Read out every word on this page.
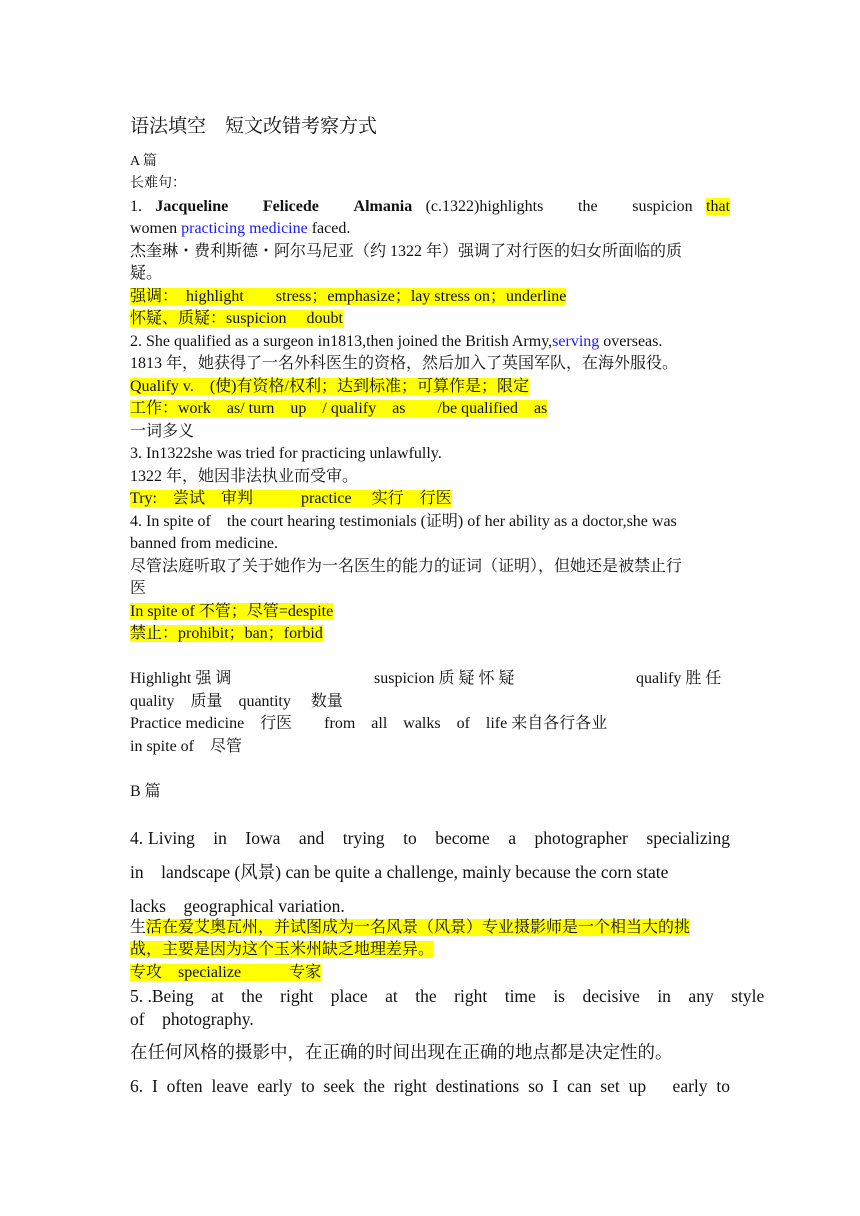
语法填空　短文改错考察方式
A 篇
长难句：
1. Jacqueline　Felicede　Almania (c.1322)highlights　the　suspicion that
women practicing medicine faced.
杰奎琳・费利斯德・阿尔马尼亚（约 1322 年）强调了对行医的妇女所面临的质
疑。
强调：　highlight　　stress；emphasize；lay stress on；underline
怀疑、质疑：suspicion　 doubt
2. She qualified as a surgeon in1813,then joined the British Army,serving overseas.
1813 年，她获得了一名外科医生的资格，然后加入了英国军队，在海外服役。
Qualify v.　(使)有资格/权利；达到标准；可算作是；限定
工作：work　as/ turn　up　/ qualify　as　　/be qualified　as
一词多义
3. In1322she was tried for practicing unlawfully.
1322 年，她因非法执业而受审。
Try:　尝试　审判　　　practice　 实行　行医
4. In spite of　the court hearing testimonials (证明) of her ability as a doctor,she was
banned from medicine.
尽管法庭听取了关于她作为一名医生的能力的证词（证明），但她还是被禁止行
医
In spite of 不管；尽管=despite
禁止：prohibit；ban；forbid
Highlight 强 调	suspicion 质 疑 怀 疑	qualify 胜 任
quality　质量　quantity　 数量
Practice medicine　行医　　from　all　walks　of　life 来自各行各业
in spite of　尽管
B 篇
4. Living　in　Iowa　and　trying　to　become　a　photographer　specializing
in　landscape (风景) can be quite a challenge, mainly because the corn state
lacks　geographical variation.
生活在爱艾奥瓦州，并试图成为一名风景（风景）专业摄影师是一个相当大的挑
战，主要是因为这个玉米州缺乏地理差异。
专攻　specialize　　　专家
5. .Being　at　the　right　place　at　the　right　time　is　decisive　in　any　style
of　photography.
在任何风格的摄影中，在正确的时间出现在正确的地点都是决定性的。
6. I often leave early to seek the right destinations so I can set up　early to
